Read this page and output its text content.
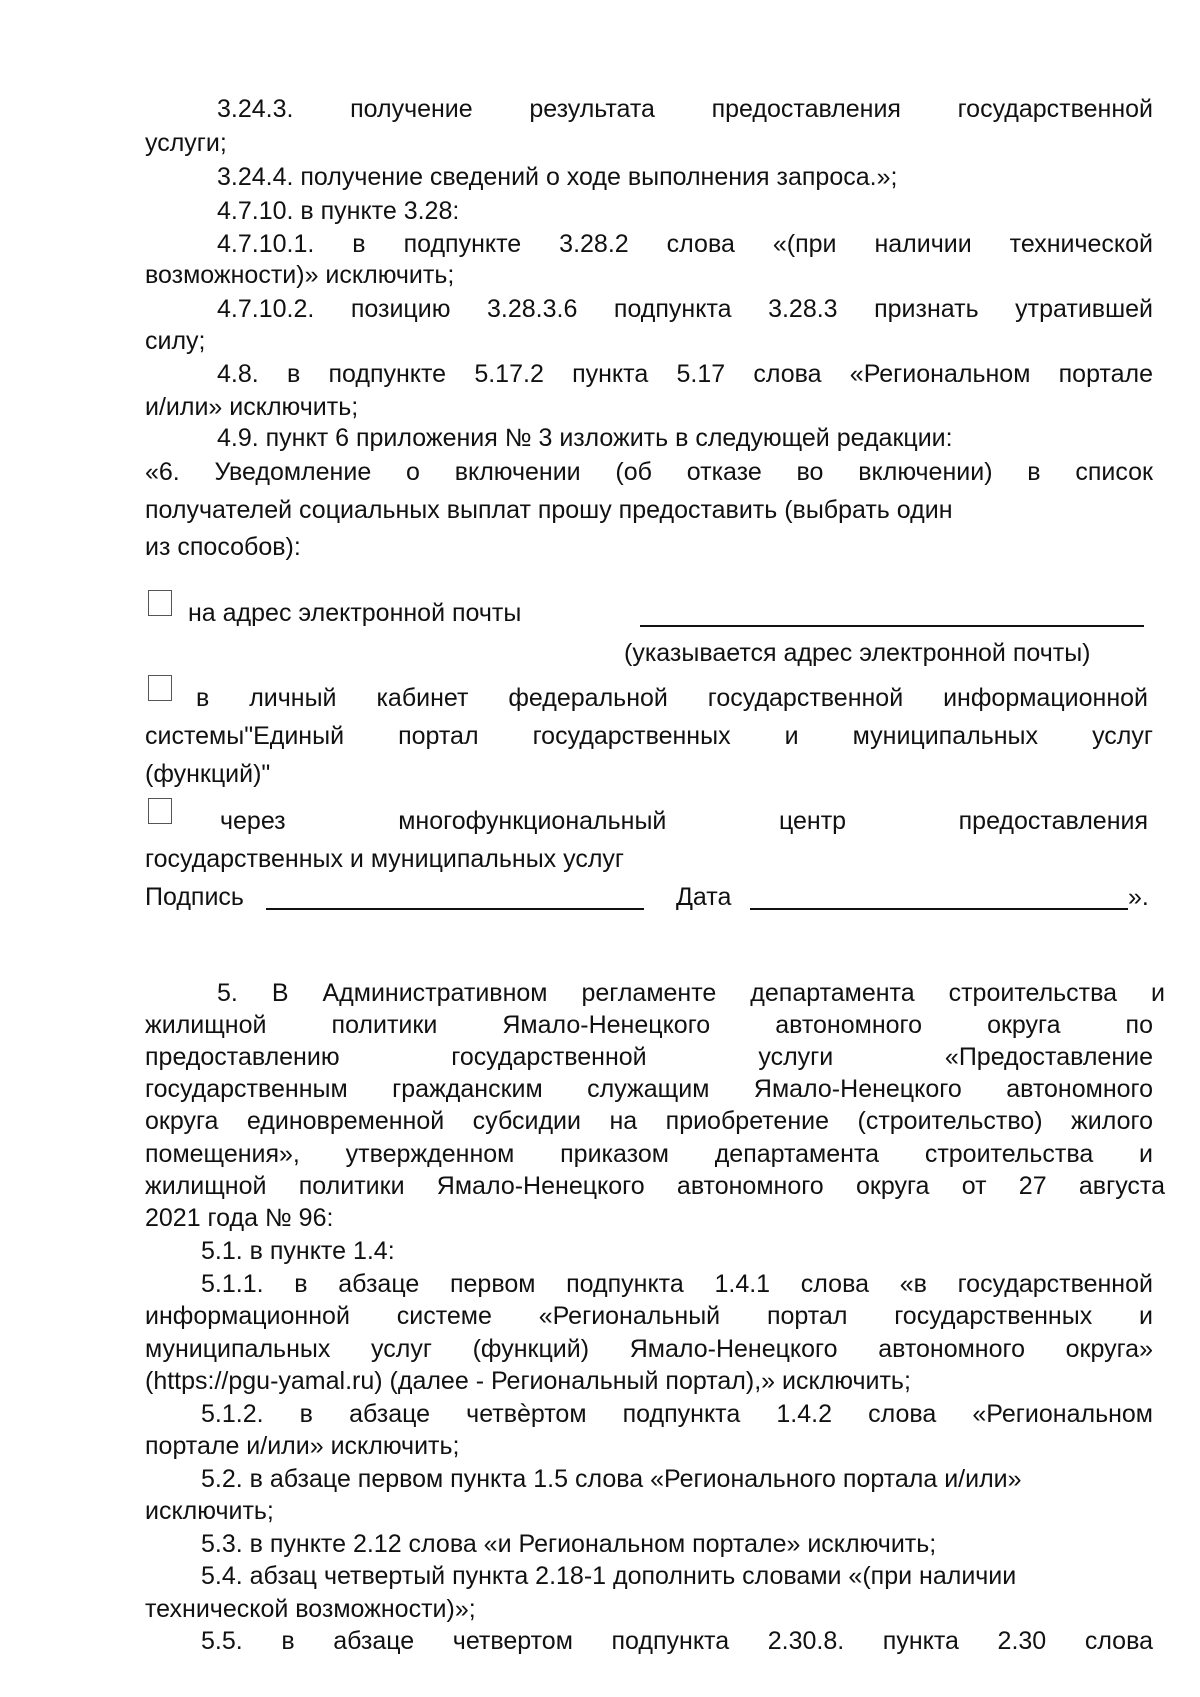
3.24.3. получение результата предоставления государственной
услуги;
3.24.4. получение сведений о ходе выполнения запроса.»;
4.7.10. в пункте 3.28:
4.7.10.1. в подпункте 3.28.2 слова «(при наличии технической
возможности)» исключить;
4.7.10.2. позицию 3.28.3.6 подпункта 3.28.3 признать утратившей
силу;
4.8. в подпункте 5.17.2 пункта 5.17 слова «Региональном портале
и/или» исключить;
4.9. пункт 6 приложения № 3 изложить в следующей редакции:
«6. Уведомление о включении (об отказе во включении) в список
получателей социальных выплат прошу предоставить (выбрать один
из способов):
на адрес электронной почты
(указывается адрес электронной почты)
в личный кабинет федеральной государственной информационной
системы"Единый портал государственных и муниципальных услуг
(функций)"
через многофункциональный центр предоставления
государственных и муниципальных услуг
Подпись	Дата	».
5. В Административном регламенте департамента строительства и
жилищной политики Ямало-Ненецкого автономного округа по
предоставлению государственной услуги «Предоставление
государственным гражданским служащим Ямало-Ненецкого автономного
округа единовременной субсидии на приобретение (строительство) жилого
помещения», утвержденном приказом департамента строительства и
жилищной политики Ямало-Ненецкого автономного округа от 27 августа
2021 года № 96:
5.1. в пункте 1.4:
5.1.1. в абзаце первом подпункта 1.4.1 слова «в государственной
информационной системе «Региональный портал государственных и
муниципальных услуг (функций) Ямало-Ненецкого автономного округа»
(https://pgu-yamal.ru) (далее - Региональный портал),» исключить;
5.1.2. в абзаце четвѐртом подпункта 1.4.2 слова «Региональном
портале и/или» исключить;
5.2. в абзаце первом пункта 1.5 слова «Регионального портала и/или»
исключить;
5.3. в пункте 2.12 слова «и Региональном портале» исключить;
5.4. абзац четвертый пункта 2.18-1 дополнить словами «(при наличии
технической возможности)»;
5.5. в абзаце четвертом подпункта 2.30.8. пункта 2.30 слова
